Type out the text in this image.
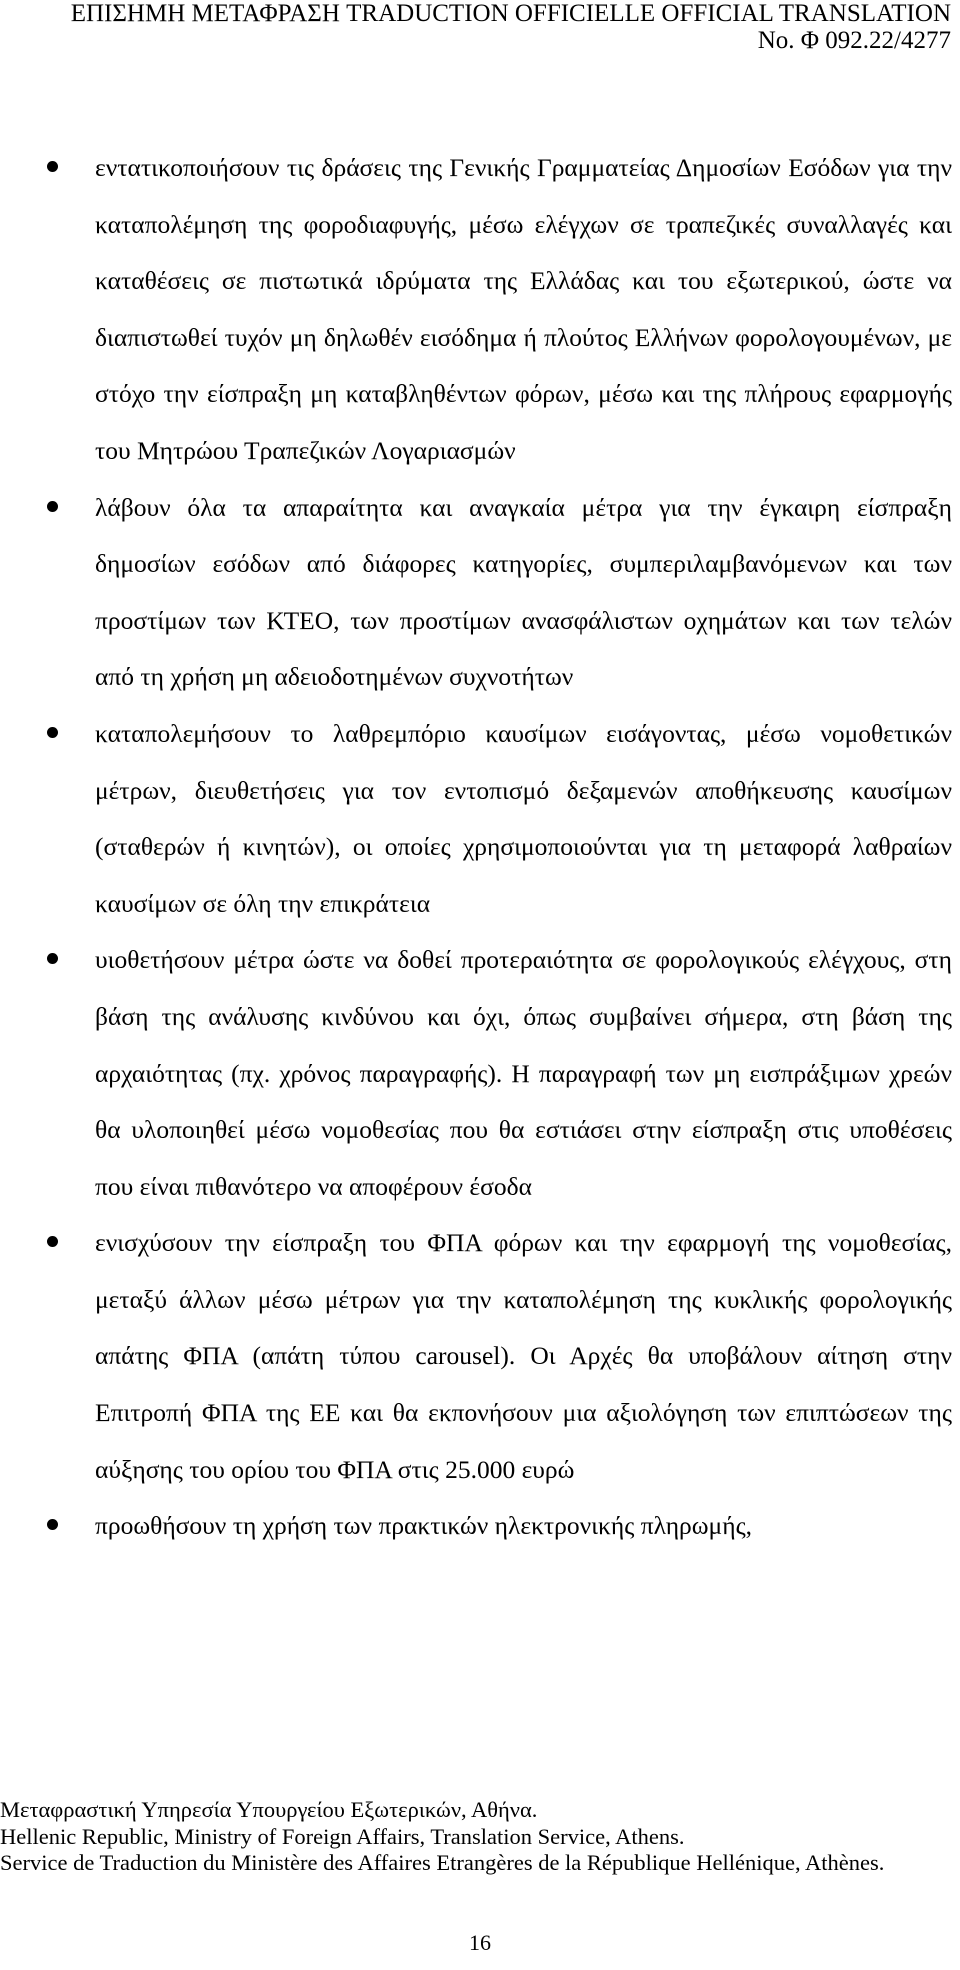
ΕΠΙΣΗΜΗ ΜΕΤΑΦΡΑΣΗ TRADUCTION OFFICIELLE OFFICIAL TRANSLATION
No. Φ 092.22/4277
εντατικοποιήσουν τις δράσεις της Γενικής Γραμματείας Δημοσίων Εσόδων για την καταπολέμηση της φοροδιαφυγής, μέσω ελέγχων σε τραπεζικές συναλλαγές και καταθέσεις σε πιστωτικά ιδρύματα της Ελλάδας και του εξωτερικού, ώστε να διαπιστωθεί τυχόν μη δηλωθέν εισόδημα ή πλούτος Ελλήνων φορολογουμένων, με στόχο την είσπραξη μη καταβληθέντων φόρων, μέσω και της πλήρους εφαρμογής του Μητρώου Τραπεζικών Λογαριασμών
λάβουν όλα τα απαραίτητα και αναγκαία μέτρα για την έγκαιρη είσπραξη δημοσίων εσόδων από διάφορες κατηγορίες, συμπεριλαμβανόμενων και των προστίμων των ΚΤΕΟ, των προστίμων ανασφάλιστων οχημάτων και των τελών από τη χρήση μη αδειοδοτημένων συχνοτήτων
καταπολεμήσουν το λαθρεμπόριο καυσίμων εισάγοντας, μέσω νομοθετικών μέτρων, διευθετήσεις για τον εντοπισμό δεξαμενών αποθήκευσης καυσίμων (σταθερών ή κινητών), οι οποίες χρησιμοποιούνται για τη μεταφορά λαθραίων καυσίμων σε όλη την επικράτεια
υιοθετήσουν μέτρα ώστε να δοθεί προτεραιότητα σε φορολογικούς ελέγχους, στη βάση της ανάλυσης κινδύνου και όχι, όπως συμβαίνει σήμερα, στη βάση της αρχαιότητας (πχ. χρόνος παραγραφής). Η παραγραφή των μη εισπράξιμων χρεών θα υλοποιηθεί μέσω νομοθεσίας που θα εστιάσει στην είσπραξη στις υποθέσεις που είναι πιθανότερο να αποφέρουν έσοδα
ενισχύσουν την είσπραξη του ΦΠΑ φόρων και την εφαρμογή της νομοθεσίας, μεταξύ άλλων μέσω μέτρων για την καταπολέμηση της κυκλικής φορολογικής απάτης ΦΠΑ (απάτη τύπου carousel). Οι Αρχές θα υποβάλουν αίτηση στην Επιτροπή ΦΠΑ της ΕΕ και θα εκπονήσουν μια αξιολόγηση των επιπτώσεων της αύξησης του ορίου του ΦΠΑ στις 25.000 ευρώ
προωθήσουν τη χρήση των πρακτικών ηλεκτρονικής πληρωμής,
Μεταφραστική Υπηρεσία Υπουργείου Εξωτερικών, Αθήνα.
Hellenic Republic, Ministry of Foreign Affairs, Translation Service, Athens.
Service de Traduction du Ministère des Affaires Etrangères de la République Hellénique, Athènes.
16
